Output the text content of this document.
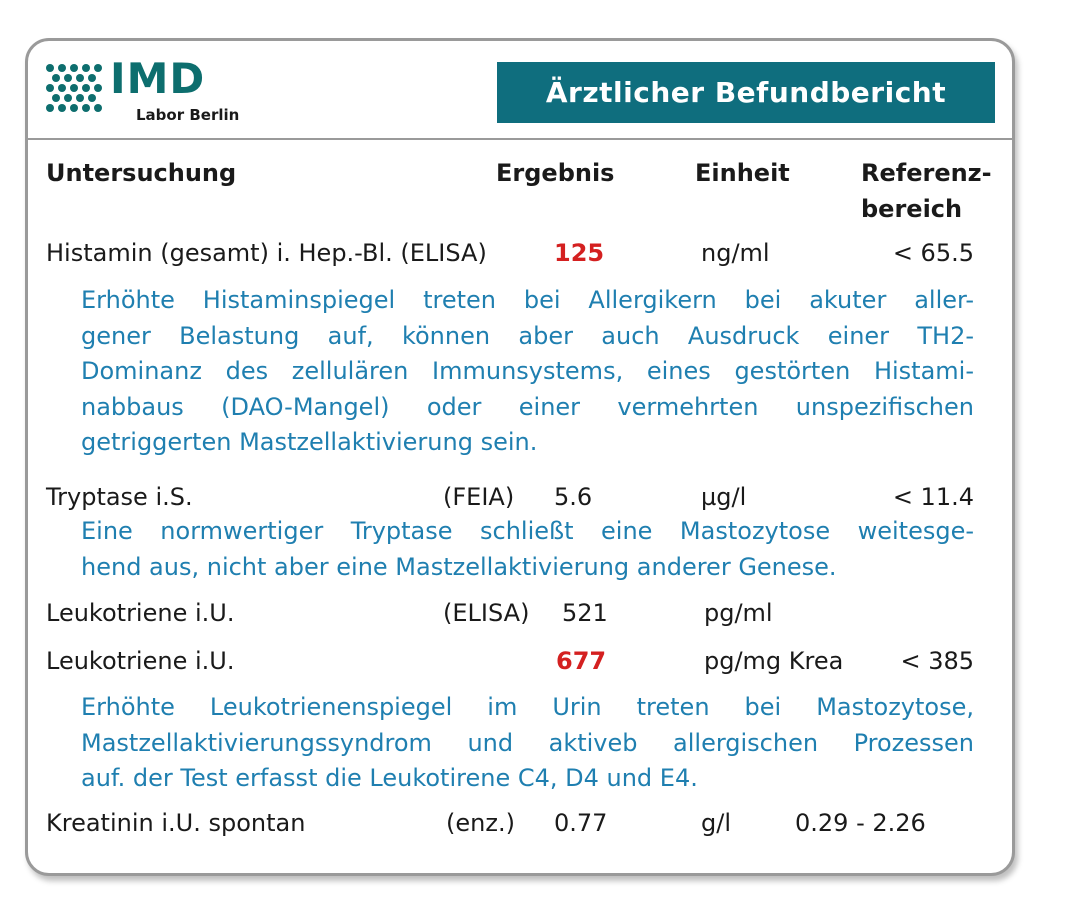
IMD
Labor Berlin
Ärztlicher Befundbericht
Untersuchung	Ergebnis	Einheit	Referenz-
bereich
Histamin (gesamt) i. Hep.-Bl. (ELISA)	125	ng/ml	< 65.5
Erhöhte Histaminspiegel treten bei Allergikern bei akuter aller-
gener Belastung auf, können aber auch Ausdruck einer TH2-
Dominanz des zellulären Immunsystems, eines gestörten Histami-
nabbaus (DAO-Mangel) oder einer vermehrten unspezifischen
getriggerten Mastzellaktivierung sein.
Tryptase i.S.	(FEIA) 5.6	µg/l	< 11.4
Eine normwertiger Tryptase schließt eine Mastozytose weitesge-
hend aus, nicht aber eine Mastzellaktivierung anderer Genese.
Leukotriene i.U.	(ELISA) 521	pg/ml
Leukotriene i.U.	677	pg/mg Krea	< 385
Erhöhte Leukotrienenspiegel im Urin treten bei Mastozytose,
Mastzellaktivierungssyndrom und aktiveb allergischen Prozessen
auf. der Test erfasst die Leukotirene C4, D4 und E4.
Kreatinin i.U. spontan	(enz.) 0.77	g/l	0.29 - 2.26
